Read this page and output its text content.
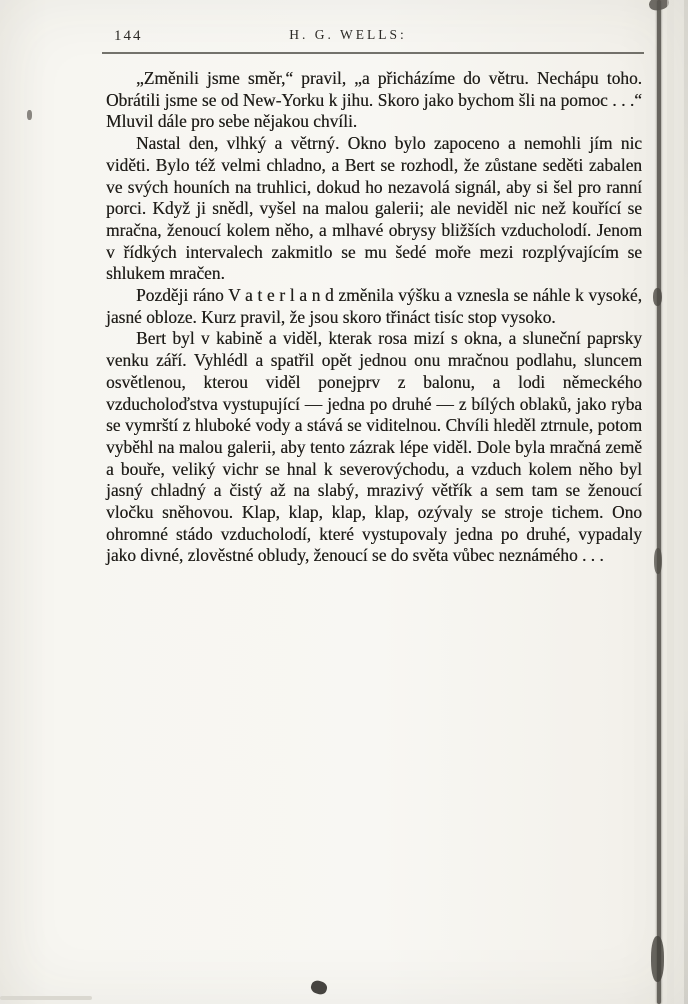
144	H. G. WELLS:

„Změnili jsme směr,“ pravil, „a přicházíme do větru. Nechápu toho. Obrátili jsme se od New-Yorku k jihu. Skoro jako bychom šli na pomoc . . .“ Mluvil dále pro sebe nějakou chvíli.

Nastal den, vlhký a větrný. Okno bylo zapoceno a nemohli jím nic viděti. Bylo též velmi chladno, a Bert se rozhodl, že zůstane seděti zabalen ve svých houních na truhlici, dokud ho nezavolá signál, aby si šel pro ranní porci. Když ji snědl, vyšel na malou galerii; ale neviděl nic než kouřící se mračna, ženoucí kolem něho, a mlhavé obrysy bližších vzducholodí. Jenom v řídkých intervalech zakmitlo se mu šedé moře mezi rozplývajícím se shlukem mračen.

Později ráno V a t e r l a n d změnila výšku a vznesla se náhle k vysoké, jasné obloze. Kurz pravil, že jsou skoro třináct tisíc stop vysoko.

Bert byl v kabině a viděl, kterak rosa mizí s okna, a sluneční paprsky venku září. Vyhlédl a spatřil opět jednou onu mračnou podlahu, sluncem osvětlenou, kterou viděl ponejprv z balonu, a lodi německého vzducholoďstva vystupující — jedna po druhé — z bílých oblaků, jako ryba se vymrští z hluboké vody a stává se viditelnou. Chvíli hleděl ztrnule, potom vyběhl na malou galerii, aby tento zázrak lépe viděl. Dole byla mračná země a bouře, veliký vichr se hnal k severovýchodu, a vzduch kolem něho byl jasný chladný a čistý až na slabý, mrazivý větřík a sem tam se ženoucí vločku sněhovou. Klap, klap, klap, klap, ozývaly se stroje tichem. Ono ohromné stádo vzducholodí, které vystupovaly jedna po druhé, vypadaly jako divné, zlověstné obludy, ženoucí se do světa vůbec neznámého . . .
